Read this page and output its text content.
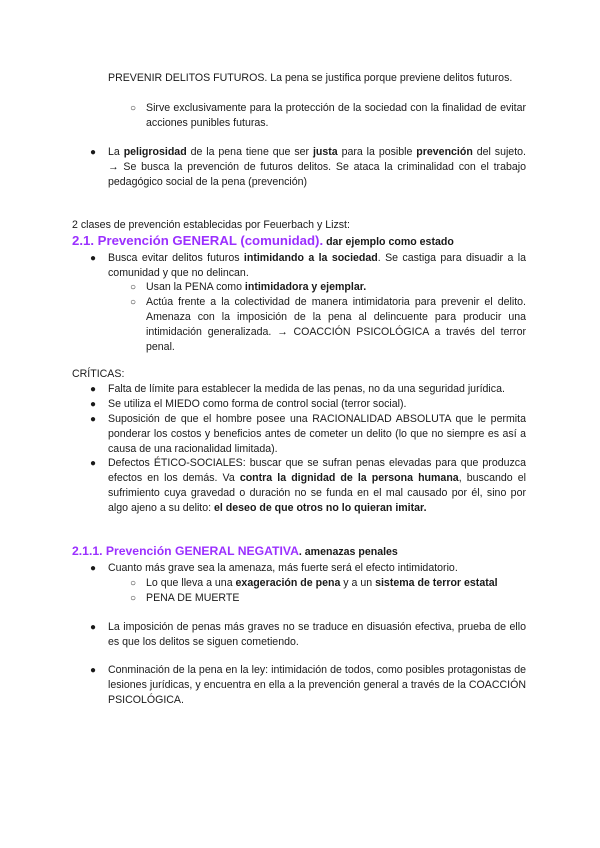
PREVENIR DELITOS FUTUROS. La pena se justifica porque previene delitos futuros.
○ Sirve exclusivamente para la protección de la sociedad con la finalidad de evitar acciones punibles futuras.
● La peligrosidad de la pena tiene que ser justa para la posible prevención del sujeto. → Se busca la prevención de futuros delitos. Se ataca la criminalidad con el trabajo pedagógico social de la pena (prevención)
2 clases de prevención establecidas por Feuerbach y Lizst:
2.1. Prevención GENERAL (comunidad). dar ejemplo como estado
● Busca evitar delitos futuros intimidando a la sociedad. Se castiga para disuadir a la comunidad y que no delincan.
○ Usan la PENA como intimidadora y ejemplar.
○ Actúa frente a la colectividad de manera intimidatoria para prevenir el delito. Amenaza con la imposición de la pena al delincuente para producir una intimidación generalizada. → COACCIÓN PSICOLÓGICA a través del terror penal.
CRÍTICAS:
● Falta de límite para establecer la medida de las penas, no da una seguridad jurídica.
● Se utiliza el MIEDO como forma de control social (terror social).
● Suposición de que el hombre posee una RACIONALIDAD ABSOLUTA que le permita ponderar los costos y beneficios antes de cometer un delito (lo que no siempre es así a causa de una racionalidad limitada).
● Defectos ÉTICO-SOCIALES: buscar que se sufran penas elevadas para que produzca efectos en los demás. Va contra la dignidad de la persona humana, buscando el sufrimiento cuya gravedad o duración no se funda en el mal causado por él, sino por algo ajeno a su delito: el deseo de que otros no lo quieran imitar.
2.1.1. Prevención GENERAL NEGATIVA. amenazas penales
● Cuanto más grave sea la amenaza, más fuerte será el efecto intimidatorio.
○ Lo que lleva a una exageración de pena y a un sistema de terror estatal
○ PENA DE MUERTE
● La imposición de penas más graves no se traduce en disuasión efectiva, prueba de ello es que los delitos se siguen cometiendo.
● Conminación de la pena en la ley: intimidación de todos, como posibles protagonistas de lesiones jurídicas, y encuentra en ella a la prevención general a través de la COACCIÓN PSICOLÓGICA.
